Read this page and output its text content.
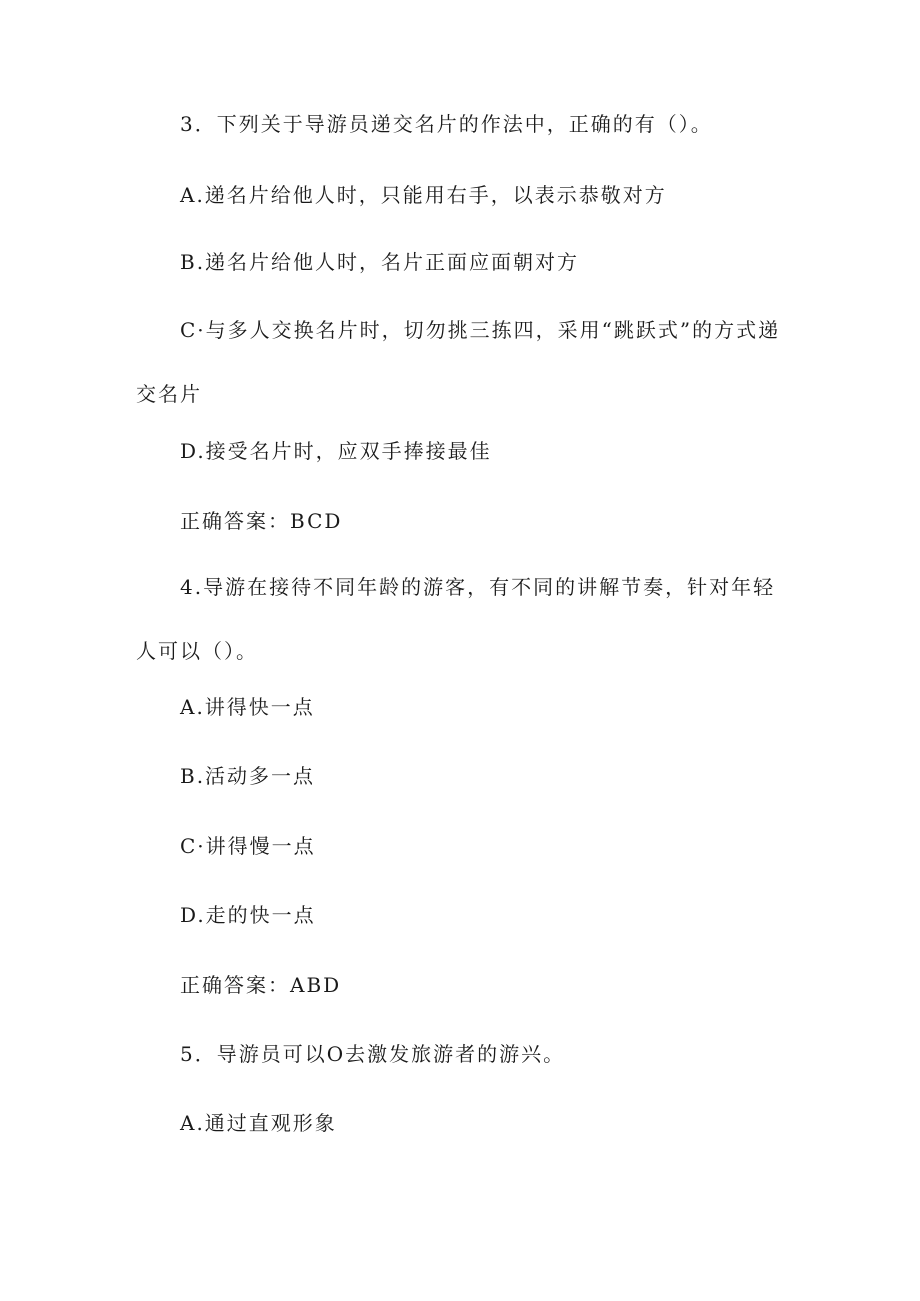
3．下列关于导游员递交名片的作法中，正确的有（）。
A.递名片给他人时，只能用右手，以表示恭敬对方
B.递名片给他人时，名片正面应面朝对方
C·与多人交换名片时，切勿挑三拣四，采用“跳跃式”的方式递交名片
D.接受名片时，应双手捧接最佳
正确答案：BCD
4.导游在接待不同年龄的游客，有不同的讲解节奏，针对年轻人可以（）。
A.讲得快一点
B.活动多一点
C·讲得慢一点
D.走的快一点
正确答案：ABD
5．导游员可以O去激发旅游者的游兴。
A.通过直观形象
